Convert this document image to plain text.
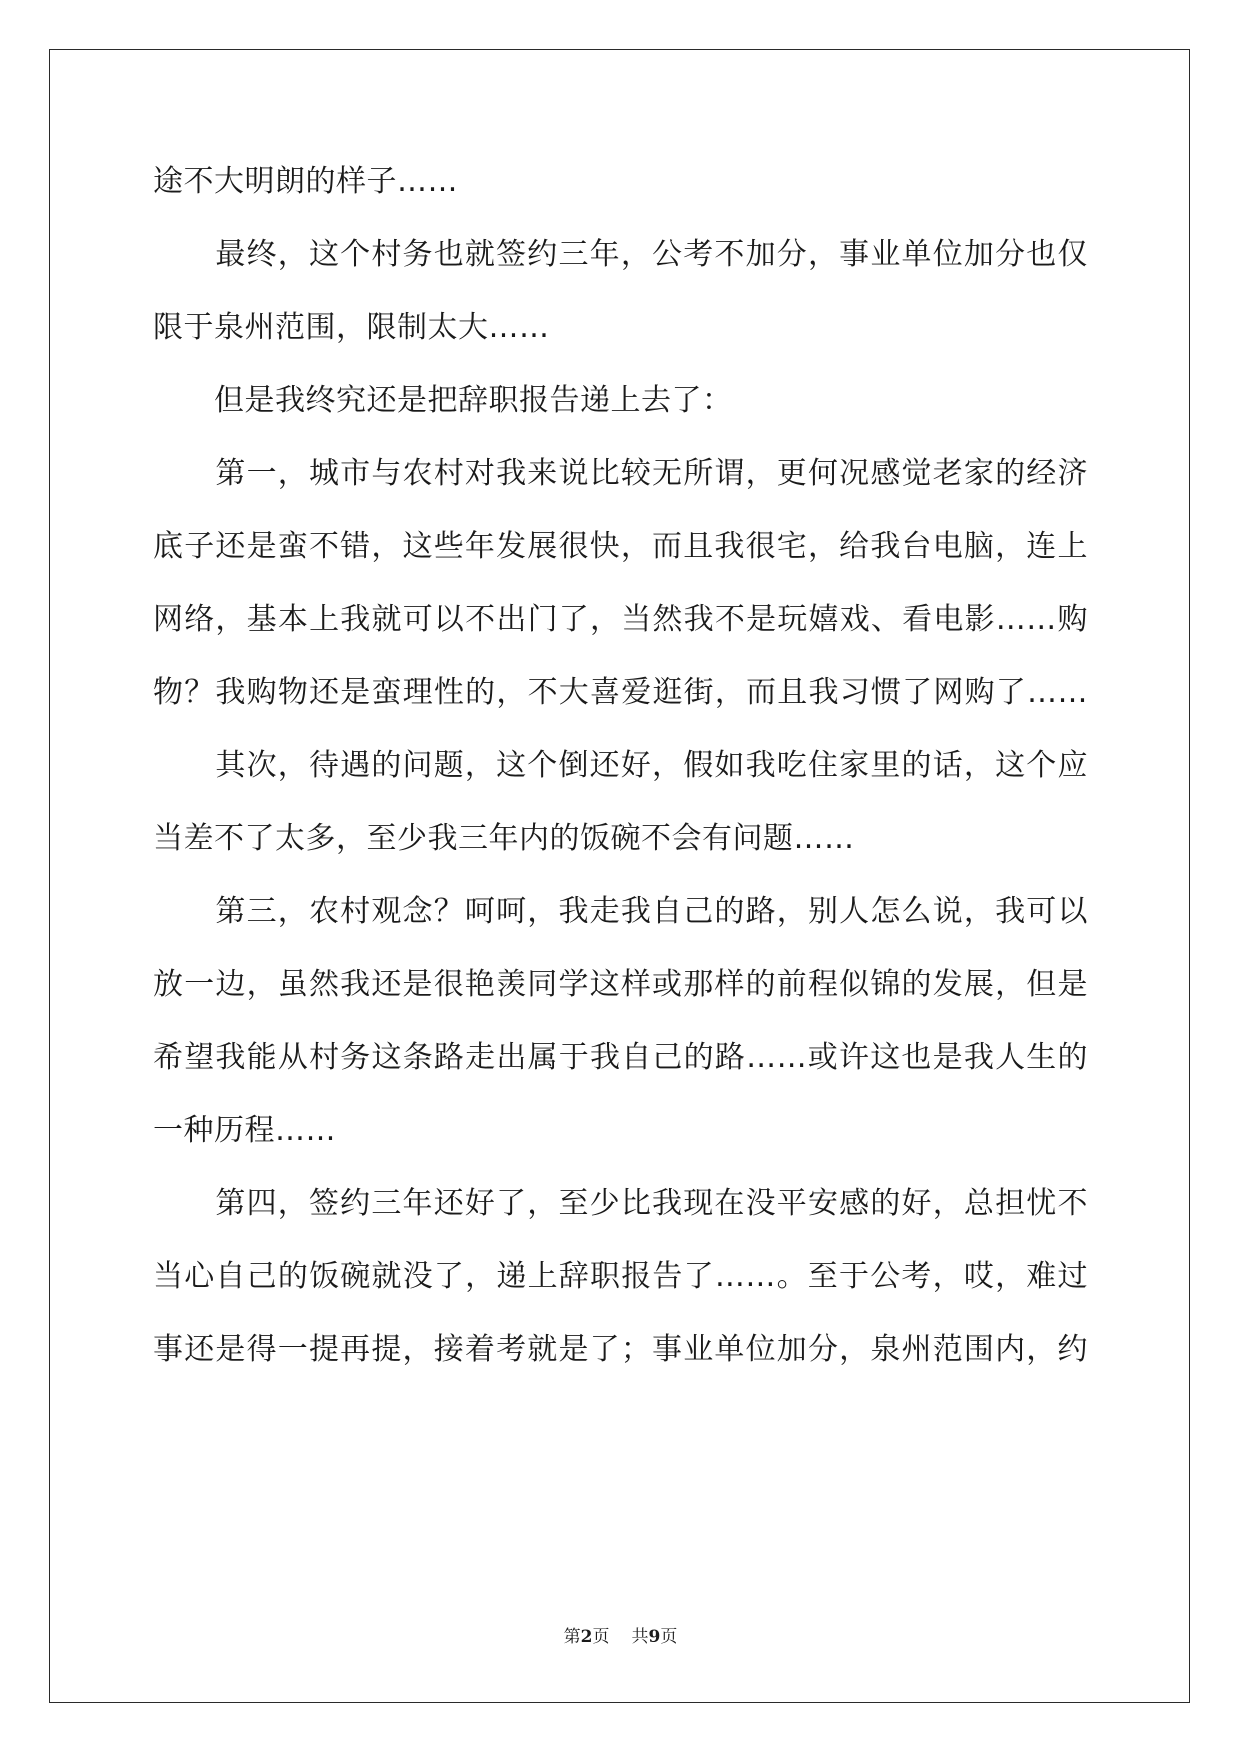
途不大明朗的样子……
　　最终，这个村务也就签约三年，公考不加分，事业单位加分也仅
限于泉州范围，限制太大……
　　但是我终究还是把辞职报告递上去了：
　　第一，城市与农村对我来说比较无所谓，更何况感觉老家的经济
底子还是蛮不错，这些年发展很快，而且我很宅，给我台电脑，连上
网络，基本上我就可以不出门了，当然我不是玩嬉戏、看电影……购
物？我购物还是蛮理性的，不大喜爱逛街，而且我习惯了网购了……
　　其次，待遇的问题，这个倒还好，假如我吃住家里的话，这个应
当差不了太多，至少我三年内的饭碗不会有问题……
　　第三，农村观念？呵呵，我走我自己的路，别人怎么说，我可以
放一边，虽然我还是很艳羡同学这样或那样的前程似锦的发展，但是
希望我能从村务这条路走出属于我自己的路……或许这也是我人生的
一种历程……
　　第四，签约三年还好了，至少比我现在没平安感的好，总担忧不
当心自己的饭碗就没了，递上辞职报告了……。至于公考，哎，难过
事还是得一提再提，接着考就是了；事业单位加分，泉州范围内，约
第2页 共9页
